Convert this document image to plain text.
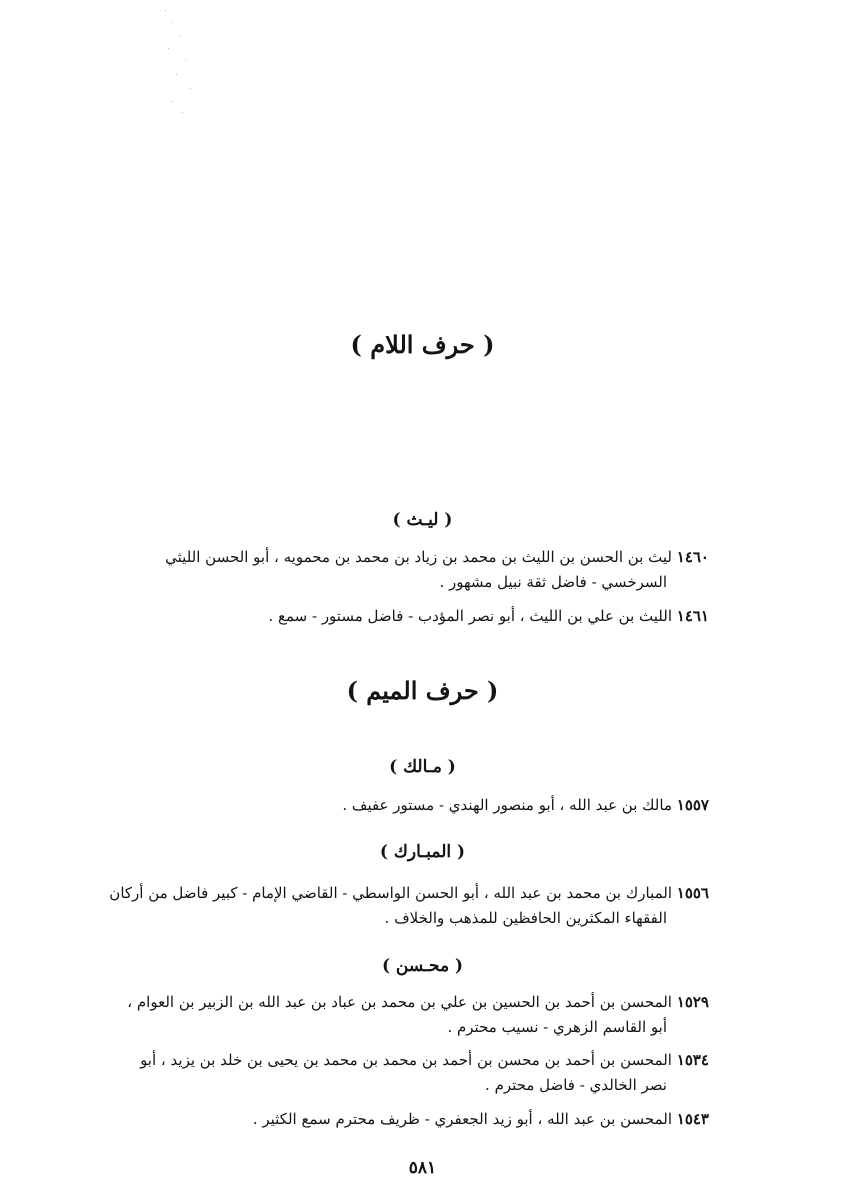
( حرف اللام )
( ليـث )

١٤٦٠ ليث بن الحسن بن الليث بن محمد بن زياد بن محمد بن محمويه ، أبو الحسن الليثي

السرخسي - فاضل ثقة نبيل مشهور .

١٤٦١ الليث بن علي بن الليث ، أبو نصر المؤدب - فاضل مستور - سمع .

( حرف الميم )
( مـالك )

١٥٥٧ مالك بن عبد الله ، أبو منصور الهندي - مستور عفيف .

( المبـارك )

١٥٥٦ المبارك بن محمد بن عبد الله ، أبو الحسن الواسطي - القاضي الإمام - كبير فاضل من أركان

الفقهاء المكثرين الحافظين للمذهب والخلاف .

( محـسن )

١٥٢٩ المحسن بن أحمد بن الحسين بن علي بن محمد بن عباد بن عبد الله بن الزبير بن العوام ،

أبو القاسم الزهري - نسيب محترم .

١٥٣٤ المحسن بن أحمد بن محسن بن أحمد بن محمد بن محمد بن يحيى بن خلد بن يزيد ، أبو

نصر الخالدي - فاضل محترم .

١٥٤٣ المحسن بن عبد الله ، أبو زيد الجعفري - ظريف محترم سمع الكثير .

٥٨١
